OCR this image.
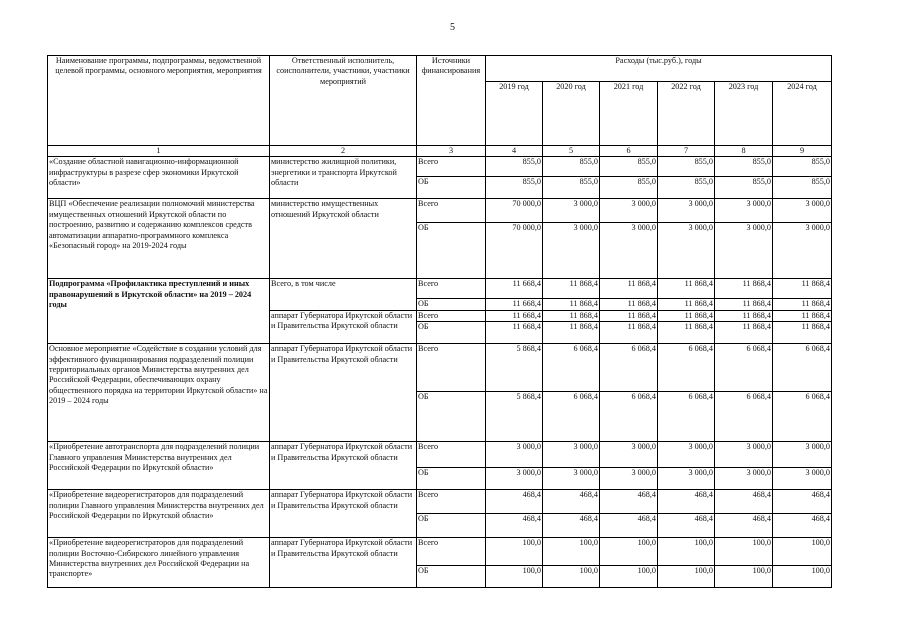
5
Наименование программы, подпрограммы, ведомственной целевой программы, основного мероприятия, мероприятия	Ответственный исполнитель, соисполнители, участники, участники мероприятий	Источники финансирования	Расходы (тыс.руб.), годы					
			2019 год	2020 год	2021 год	2022 год	2023 год	2024 год
1	2	3	4	5	6	7	8	9
«Создание областной навигационно-информационной инфраструктуры в разрезе сфер экономики Иркутской области»	министерство жилищной политики, энергетики и транспорта Иркутской области	Всего	855,0	855,0	855,0	855,0	855,0	855,0
		ОБ	855,0	855,0	855,0	855,0	855,0	855,0
ВЦП «Обеспечение реализации полномочий министерства имущественных отношений Иркутской области по построению, развитию и содержанию комплексов средств автоматизации аппаратно-программного комплекса «Безопасный город» на 2019-2024 годы	министерство имущественных отношений Иркутской области	Всего	70 000,0	3 000,0	3 000,0	3 000,0	3 000,0	3 000,0
		ОБ	70 000,0	3 000,0	3 000,0	3 000,0	3 000,0	3 000,0
Подпрограмма «Профилактика преступлений и иных правонарушений в Иркутской области» на 2019 – 2024 годы	Всего, в том числе	Всего	11 668,4	11 868,4	11 868,4	11 868,4	11 868,4	11 868,4
		ОБ	11 668,4	11 868,4	11 868,4	11 868,4	11 868,4	11 868,4
	аппарат Губернатора Иркутской области и Правительства Иркутской области	Всего	11 668,4	11 868,4	11 868,4	11 868,4	11 868,4	11 868,4
		ОБ	11 668,4	11 868,4	11 868,4	11 868,4	11 868,4	11 868,4
Основное мероприятие «Содействие в создании условий для эффективного функционирования подразделений полиции территориальных органов Министерства внутренних дел Российской Федерации, обеспечивающих охрану общественного порядка на территории Иркутской области» на 2019 – 2024 годы	аппарат Губернатора Иркутской области и Правительства Иркутской области	Всего	5 868,4	6 068,4	6 068,4	6 068,4	6 068,4	6 068,4
		ОБ	5 868,4	6 068,4	6 068,4	6 068,4	6 068,4	6 068,4
«Приобретение автотранспорта для подразделений полиции Главного управления Министерства внутренних дел Российской Федерации по Иркутской области»	аппарат Губернатора Иркутской области и Правительства Иркутской области	Всего	3 000,0	3 000,0	3 000,0	3 000,0	3 000,0	3 000,0
		ОБ	3 000,0	3 000,0	3 000,0	3 000,0	3 000,0	3 000,0
«Приобретение видеорегистраторов для подразделений полиции Главного управления Министерства внутренних дел Российской Федерации по Иркутской области»	аппарат Губернатора Иркутской области и Правительства Иркутской области	Всего	468,4	468,4	468,4	468,4	468,4	468,4
		ОБ	468,4	468,4	468,4	468,4	468,4	468,4
«Приобретение видеорегистраторов для подразделений полиции Восточно-Сибирского линейного управления Министерства внутренних дел Российской Федерации на транспорте»	аппарат Губернатора Иркутской области и Правительства Иркутской области	Всего	100,0	100,0	100,0	100,0	100,0	100,0
		ОБ	100,0	100,0	100,0	100,0	100,0	100,0
